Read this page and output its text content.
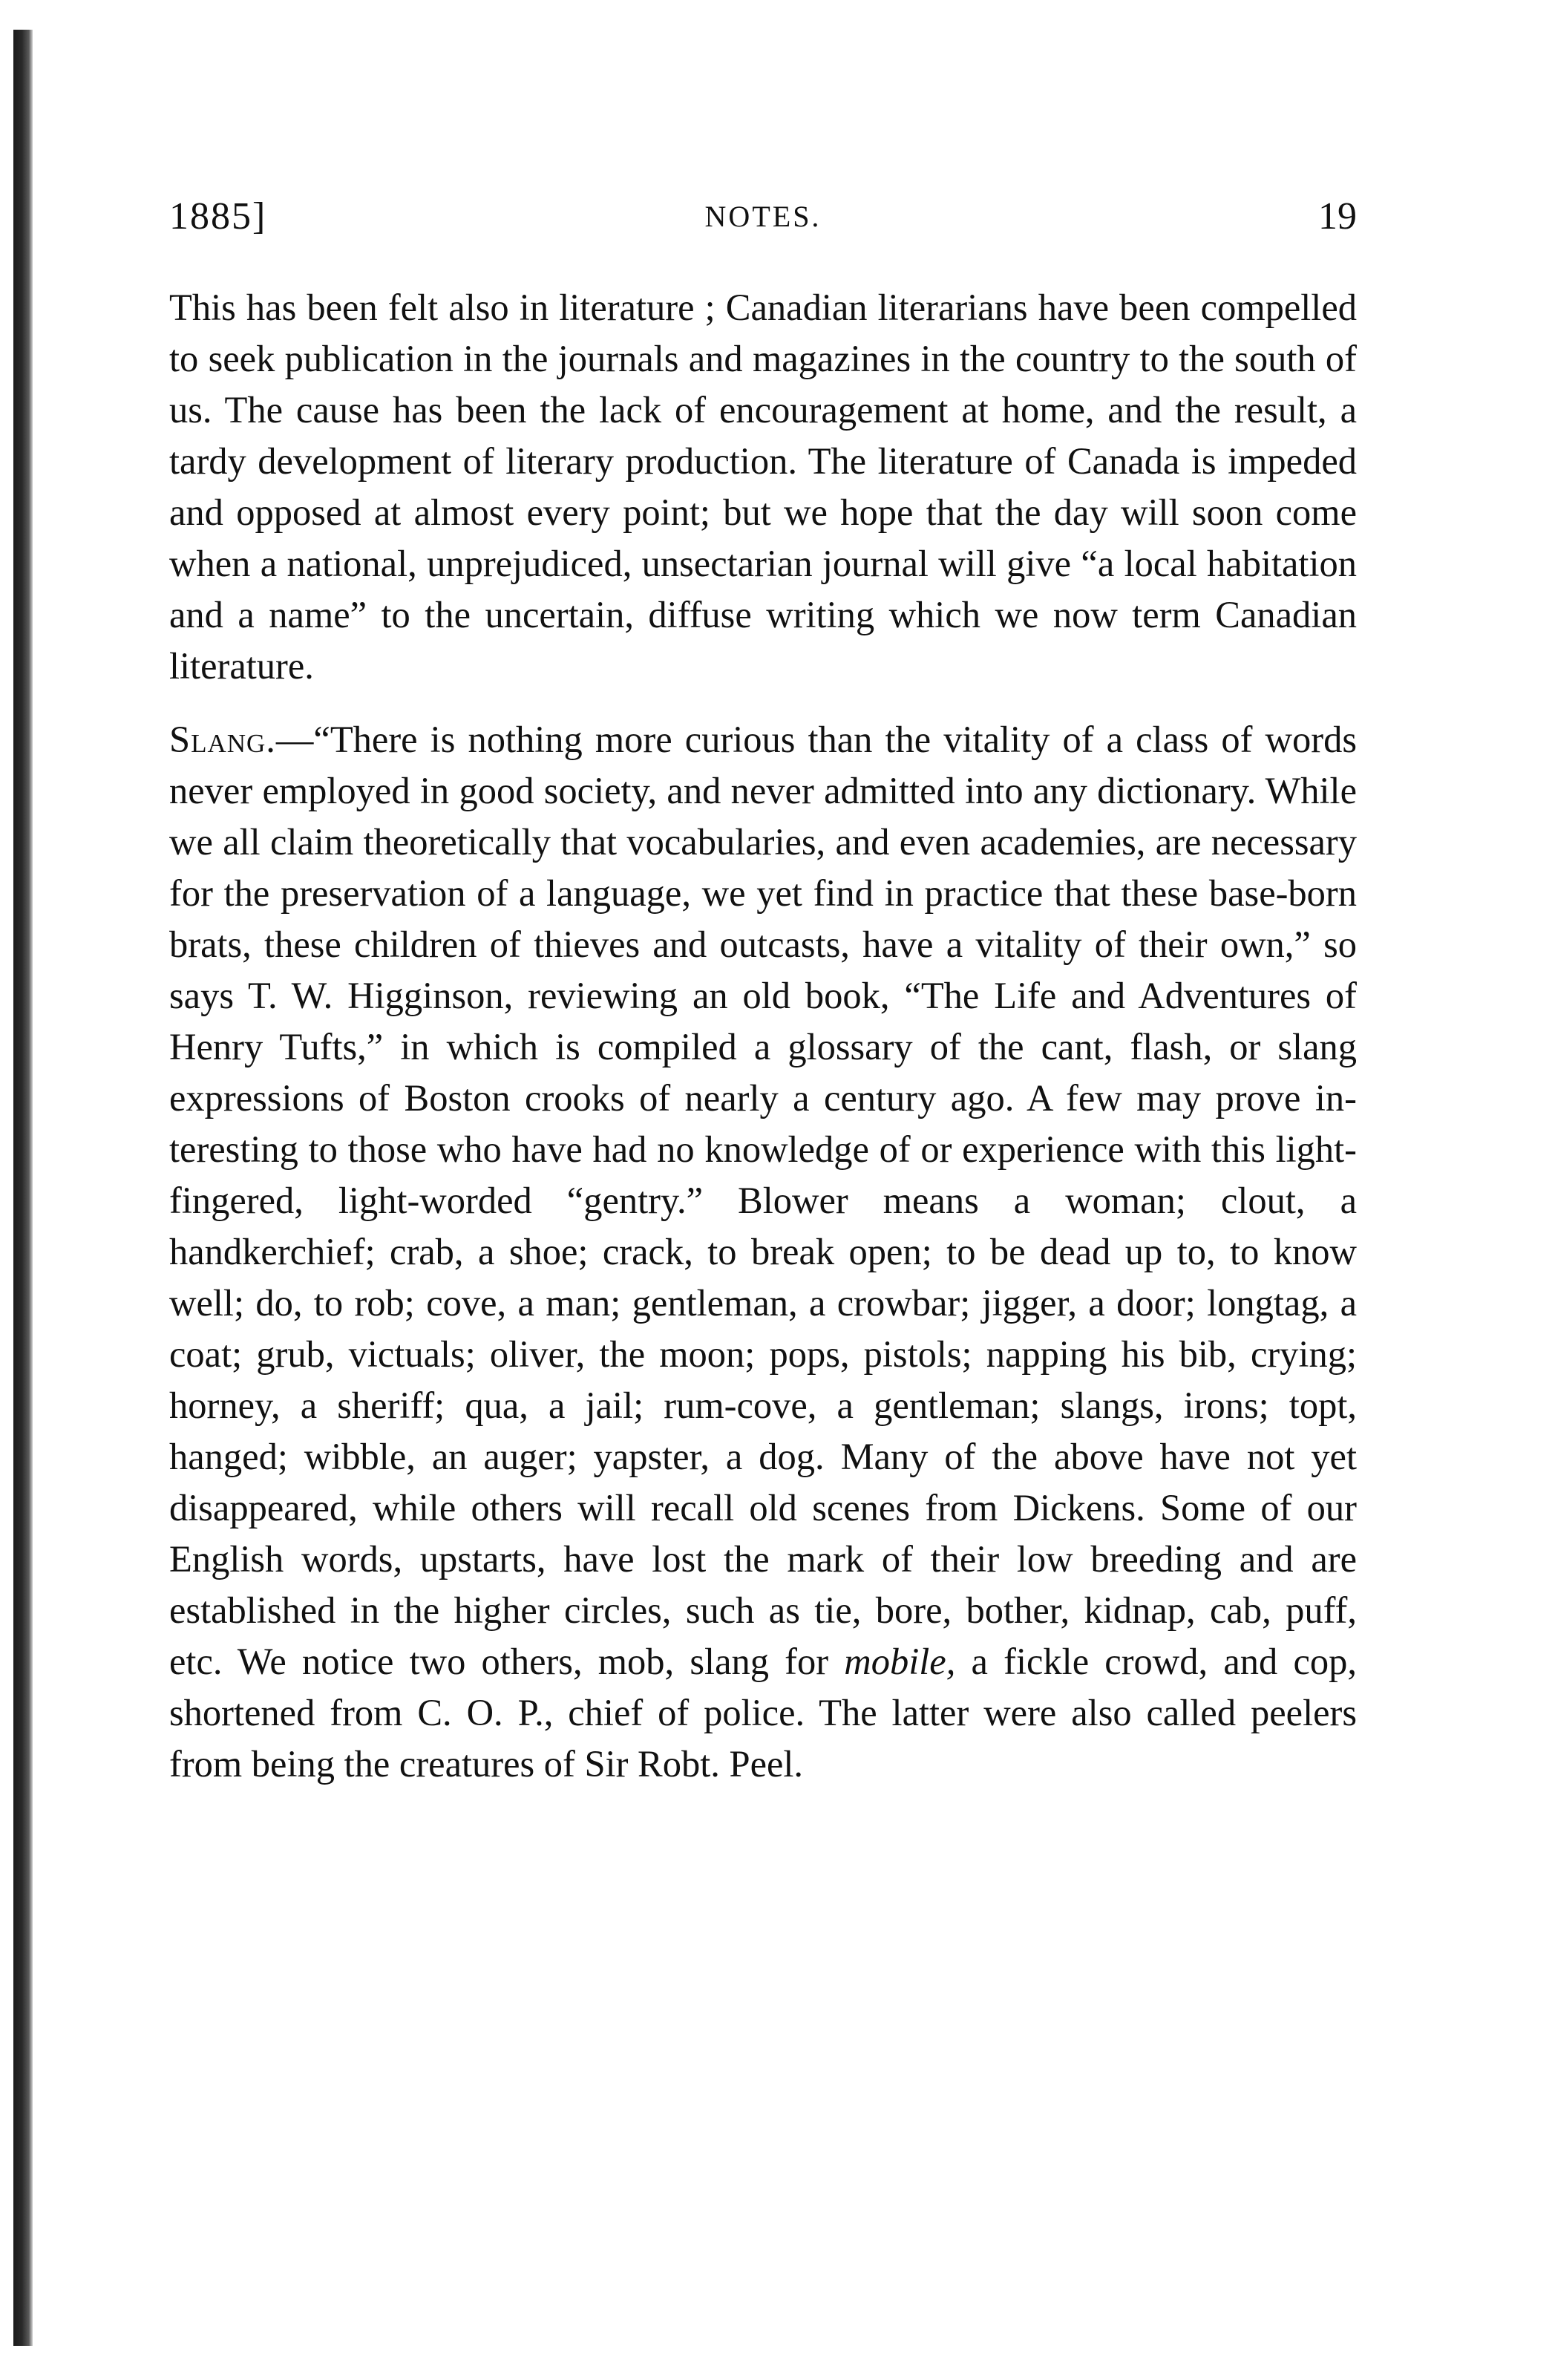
1885]	NOTES.	19

This has been felt also in literature ; Canadian literarians have been compelled to seek publication in the journals and magazines in the country to the south of us. The cause has been the lack of encouragement at home, and the result, a tardy development of literary production. The literature of Canada is impeded and opposed at almost every point; but we hope that the day will soon come when a national, unprejudiced, unsectarian journal will give “a local habitation and a name” to the uncertain, diffuse writing which we now term Canadian literature.

Slang.—“There is nothing more curious than the vitality of a class of words never employed in good society, and never admitted into any dictionary. While we all claim theoretically that vocabularies, and even academies, are necessary for the preservation of a language, we yet find in practice that these base-born brats, these children of thieves and outcasts, have a vitality of their own,” so says T. W. Higginson, reviewing an old book, “The Life and Adventures of Henry Tufts,” in which is compiled a glossary of the cant, flash, or slang expressions of Boston crooks of nearly a century ago. A few may prove interesting to those who have had no knowledge of or experience with this light-fingered, light-worded “gentry.” Blower means a woman; clout, a handkerchief; crab, a shoe; crack, to break open; to be dead up to, to know well; do, to rob; cove, a man; gentleman, a crowbar; jigger, a door; longtag, a coat; grub, victuals; oliver, the moon; pops, pistols; napping his bib, crying; horney, a sheriff; qua, a jail; rum-cove, a gentleman; slangs, irons; topt, hanged; wibble, an auger; yapster, a dog. Many of the above have not yet disappeared, while others will recall old scenes from Dickens. Some of our English words, upstarts, have lost the mark of their low breeding and are established in the higher circles, such as tie, bore, bother, kidnap, cab, puff, etc. We notice two others, mob, slang for mobile, a fickle crowd, and cop, shortened from C. O. P., chief of police. The latter were also called peelers from being the creatures of Sir Robt. Peel.
